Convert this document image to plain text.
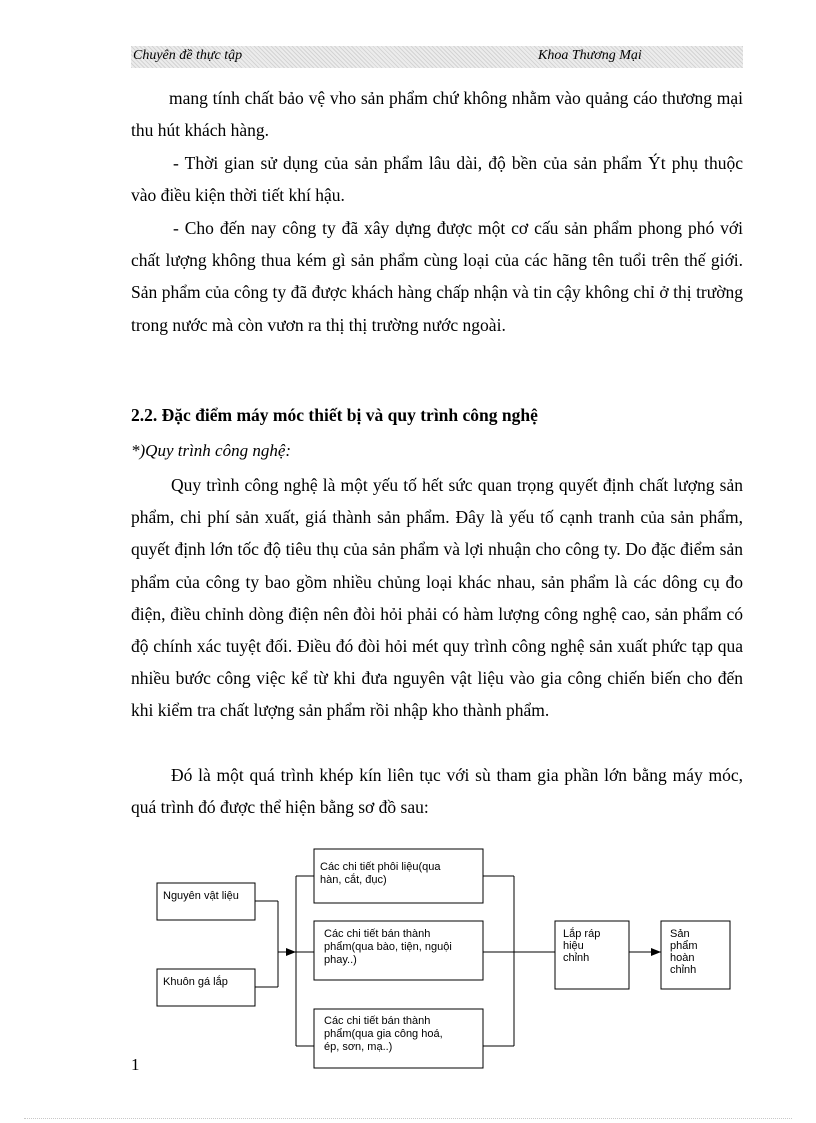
Chuyên đề thực tập	Khoa Thương Mại

mang tính chất bảo vệ vho sản phẩm chứ không nhằm vào quảng cáo thương mại thu hút khách hàng.

- Thời gian sử dụng của sản phẩm lâu dài, độ bền của sản phẩm Ýt phụ thuộc vào điều kiện thời tiết khí hậu.

- Cho đến nay công ty đã xây dựng được một cơ cấu sản phẩm phong phó với chất lượng không thua kém gì sản phẩm cùng loại của các hãng tên tuổi trên thế giới. Sản phẩm của công ty đã được khách hàng chấp nhận và tin cậy không chỉ ở thị trường trong nước mà còn vươn ra thị thị trường nước ngoài.

2.2. Đặc điểm máy móc thiết bị và quy trình công nghệ

*)Quy trình công nghệ:

Quy trình công nghệ là một yếu tố hết sức quan trọng quyết định chất lượng sản phẩm, chi phí sản xuất, giá thành sản phẩm. Đây là yếu tố cạnh tranh của sản phẩm, quyết định lớn tốc độ tiêu thụ của sản phẩm và lợi nhuận cho công ty. Do đặc điểm sản phẩm của công ty bao gồm nhiều chủng loại khác nhau, sản phẩm là các dông cụ đo điện, điều chỉnh dòng điện nên đòi hỏi phải có hàm lượng công nghệ cao, sản phẩm có độ chính xác tuyệt đối. Điều đó đòi hỏi mét quy trình công nghệ sản xuất phức tạp qua nhiều bước công việc kể từ khi đưa nguyên vật liệu vào gia công chiến biến cho đến khi kiểm tra chất lượng sản phẩm rồi nhập kho thành phẩm.

Đó là một quá trình khép kín liên tục với sù tham gia phần lớn bằng máy móc, quá trình đó được thể hiện bằng sơ đồ sau:

Nguyên vật liệu
Khuôn gá lắp
Các chi tiết phôi liệu(qua hàn, cắt, đục)
Các chi tiết bán thành phẩm(qua bào, tiện, nguội phay..)
Các chi tiết bán thành phẩm(qua gia công hoá, ép, sơn, mạ..)
Lắp ráp hiệu chỉnh
Sản phẩm hoàn chỉnh
1
